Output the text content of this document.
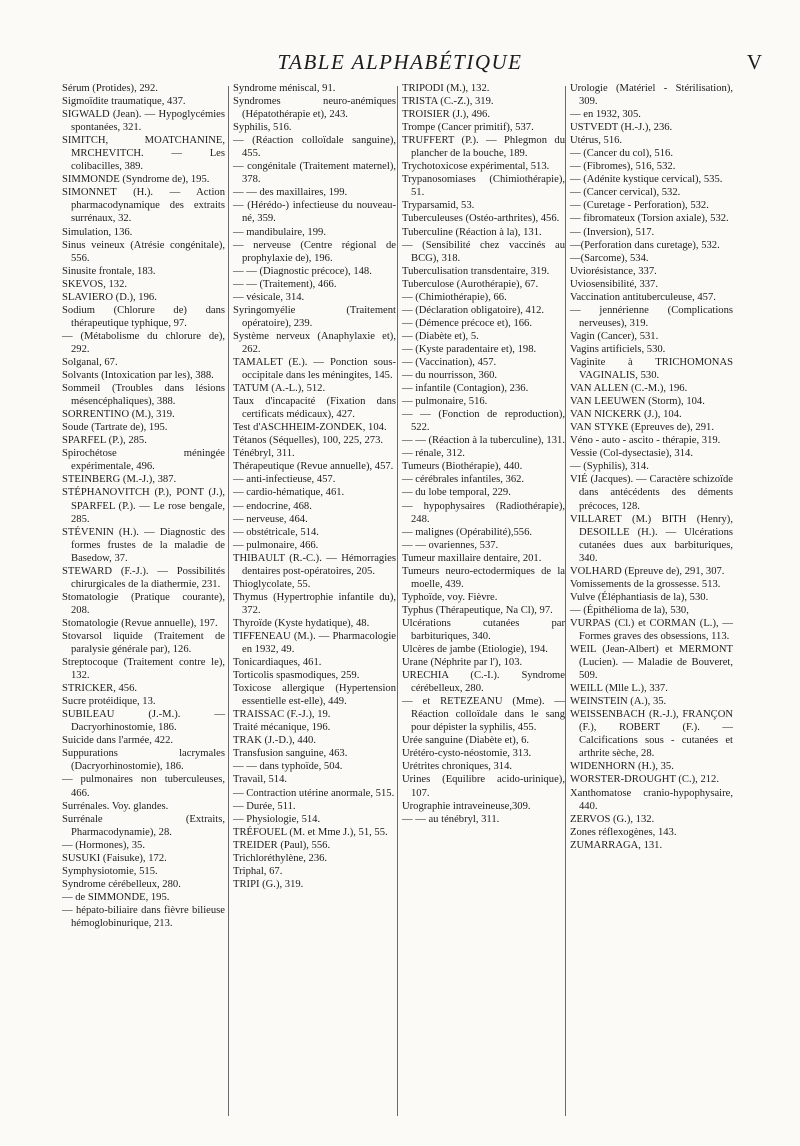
TABLE ALPHABÉTIQUE	V
Sérum (Protides), 292.
Sigmoïdite traumatique, 437.
SIGWALD (Jean). — Hypoglycémies spontanées, 321.
SIMITCH, MOATCHANINE, MRCHEVITCH. — Les colibacilles, 389.
SIMMONDE (Syndrome de), 195.
SIMONNET (H.). — Action pharmacodynamique des extraits surrénaux, 32.
Simulation, 136.
Sinus veineux (Atrésie congénitale), 556.
Sinusite frontale, 183.
SKEVOS, 132.
SLAVIERO (D.), 196.
Sodium (Chlorure de) dans thérapeutique typhique, 97.
— (Métabolisme du chlorure de), 292.
Solganal, 67.
Solvants (Intoxication par les), 388.
Sommeil (Troubles dans lésions mésencéphaliques), 388.
SORRENTINO (M.), 319.
Soude (Tartrate de), 195.
SPARFEL (P.), 285.
Spirochétose méningée expérimentale, 496.
STEINBERG (M.-J.), 387.
STÉPHANOVITCH (P.), PONT (J.), SPARFEL (P.). — Le rose bengale, 285.
STÉVENIN (H.). — Diagnostic des formes frustes de la maladie de Basedow, 37.
STEWARD (F.-J.). — Possibilités chirurgicales de la diathermie, 231.
Stomatologie (Pratique courante), 208.
Stomatologie (Revue annuelle), 197.
Stovarsol liquide (Traitement de paralysie générale par), 126.
Streptocoque (Traitement contre le), 132.
STRICKER, 456.
Sucre protéidique, 13.
SUBILEAU (J.-M.). — Dacryorhinostomie, 186.
Suicide dans l'armée, 422.
Suppurations lacrymales (Dacryorhinostomie), 186.
— pulmonaires non tuberculeuses, 466.
Surrénales. Voy. glandes.
Surrénale (Extraits, Pharmacodynamie), 28.
— (Hormones), 35.
SUSUKI (Faisuke), 172.
Symphysiotomie, 515.
Syndrome cérébelleux, 280.
— de SIMMONDE, 195.
— hépato-biliaire dans fièvre bilieuse hémoglobinurique, 213.
Syndrome méniscal, 91.
Syndromes neuro-anémiques (Hépatothérapie et), 243.
Syphilis, 516.
— (Réaction colloïdale sanguine), 455.
— congénitale (Traitement maternel), 378.
— — des maxillaires, 199.
— (Hérédo-) infectieuse du nouveau-né, 359.
— mandibulaire, 199.
— nerveuse (Centre régional de prophylaxie de), 196.
— — (Diagnostic précoce), 148.
— — (Traitement), 466.
— vésicale, 314.
Syringomyélie (Traitement opératoire), 239.
Système nerveux (Anaphylaxie et), 262.
TAMALET (E.). — Ponction sous-occipitale dans les méningites, 145.
TATUM (A.-L.), 512.
Taux d'incapacité (Fixation dans certificats médicaux), 427.
Test d'ASCHHEIM-ZONDEK, 104.
Tétanos (Séquelles), 100, 225, 273.
Ténébryl, 311.
Thérapeutique (Revue annuelle), 457.
— anti-infectieuse, 457.
— cardio-hématique, 461.
— endocrine, 468.
— nerveuse, 464.
— obstétricale, 514.
— pulmonaire, 466.
THIBAULT (R.-C.). — Hémorragies dentaires post-opératoires, 205.
Thioglycolate, 55.
Thymus (Hypertrophie infantile du), 372.
Thyroïde (Kyste hydatique), 48.
TIFFENEAU (M.). — Pharmacologie en 1932, 49.
Tonicardiaques, 461.
Torticolis spasmodiques, 259.
Toxicose allergique (Hypertension essentielle est-elle), 449.
TRAISSAC (F.-J.), 19.
Traité mécanique, 196.
TRAK (J.-D.), 440.
Transfusion sanguine, 463.
— — dans typhoïde, 504.
Travail, 514.
— Contraction utérine anormale, 515.
— Durée, 511.
— Physiologie, 514.
TRÉFOUEL (M. et Mme J.), 51, 55.
TREIDER (Paul), 556.
Trichloréthylène, 236.
Triphal, 67.
TRIPI (G.), 319.
TRIPODI (M.), 132.
TRISTA (C.-Z.), 319.
TROISIER (J.), 496.
Trompe (Cancer primitif), 537.
TRUFFERT (P.). — Phlegmon du plancher de la bouche, 189.
Trychotoxicose expérimental, 513.
Trypanosomiases (Chimiothérapie), 51.
Tryparsamid, 53.
Tuberculeuses (Ostéo-arthrites), 456.
Tuberculine (Réaction à la), 131.
— (Sensibilité chez vaccinés au BCG), 318.
Tuberculisation transdentaire, 319.
Tuberculose (Aurothérapie), 67.
— (Chimiothérapie), 66.
— (Déclaration obligatoire), 412.
— (Démence précoce et), 166.
— (Diabète et), 5.
— (Kyste paradentaire et), 198.
— (Vaccination), 457.
— du nourrisson, 360.
— infantile (Contagion), 236.
— pulmonaire, 516.
— — (Fonction de reproduction), 522.
— — (Réaction à la tuberculine), 131.
— rénale, 312.
Tumeurs (Biothérapie), 440.
— cérébrales infantiles, 362.
— du lobe temporal, 229.
— hypophysaires (Radiothérapie), 248.
— malignes (Opérabilité),556.
— — ovariennes, 537.
Tumeur maxillaire dentaire, 201.
Tumeurs neuro-ectodermiques de la moelle, 439.
Typhoïde, voy. Fièvre.
Typhus (Thérapeutique, Na Cl), 97.
Ulcérations cutanées par barbituriques, 340.
Ulcères de jambe (Etiologie), 194.
Urane (Néphrite par l'), 103.
URECHIA (C.-I.). Syndrome cérébelleux, 280.
— et RETEZEANU (Mme). — Réaction colloïdale dans le sang pour dépister la syphilis, 455.
Urée sanguine (Diabète et), 6.
Urétéro-cysto-néostomie, 313.
Urétrites chroniques, 314.
Urines (Equilibre acido-urinique), 107.
Urographie intraveineuse,309.
— — au ténébryl, 311.
Urologie (Matériel - Stérilisation), 309.
— en 1932, 305.
USTVEDT (H.-J.), 236.
Utérus, 516.
— (Cancer du col), 516.
— (Fibromes), 516, 532.
— (Adénite kystique cervical), 535.
— (Cancer cervical), 532.
— (Curetage - Perforation), 532.
— fibromateux (Torsion axiale), 532.
— (Inversion), 517.
—(Perforation dans curetage), 532.
—(Sarcome), 534.
Uviorésistance, 337.
Uviosensibilité, 337.
Vaccination antituberculeuse, 457.
— jennérienne (Complications nerveuses), 319.
Vagin (Cancer), 531.
Vagins artificiels, 530.
Vaginite à TRICHOMONAS VAGINALIS, 530.
VAN ALLEN (C.-M.), 196.
VAN LEEUWEN (Storm), 104.
VAN NICKERK (J.), 104.
VAN STYKE (Epreuves de), 291.
Véno - auto - ascito - thérapie, 319.
Vessie (Col-dysectasie), 314.
— (Syphilis), 314.
VIÉ (Jacques). — Caractère schizoïde dans antécédents des déments précoces, 128.
VILLARET (M.) BITH (Henry), DESOILLE (H.). — Ulcérations cutanées dues aux barbituriques, 340.
VOLHARD (Epreuve de), 291, 307.
Vomissements de la grossesse. 513.
Vulve (Éléphantiasis de la), 530.
— (Épithélioma de la), 530,
VURPAS (Cl.) et CORMAN (L.), — Formes graves des obsessions, 113.
WEIL (Jean-Albert) et MERMONT (Lucien). — Maladie de Bouveret, 509.
WEILL (Mlle L.), 337.
WEINSTEIN (A.), 35.
WEISSENBACH (R.-J.), FRANÇON (F.), ROBERT (F.). — Calcifications sous - cutanées et arthrite sèche, 28.
WIDENHORN (H.), 35.
WORSTER-DROUGHT (C.), 212.
Xanthomatose cranio-hypophysaire, 440.
ZERVOS (G.), 132.
Zones réflexogènes, 143.
ZUMARRAGA, 131.
